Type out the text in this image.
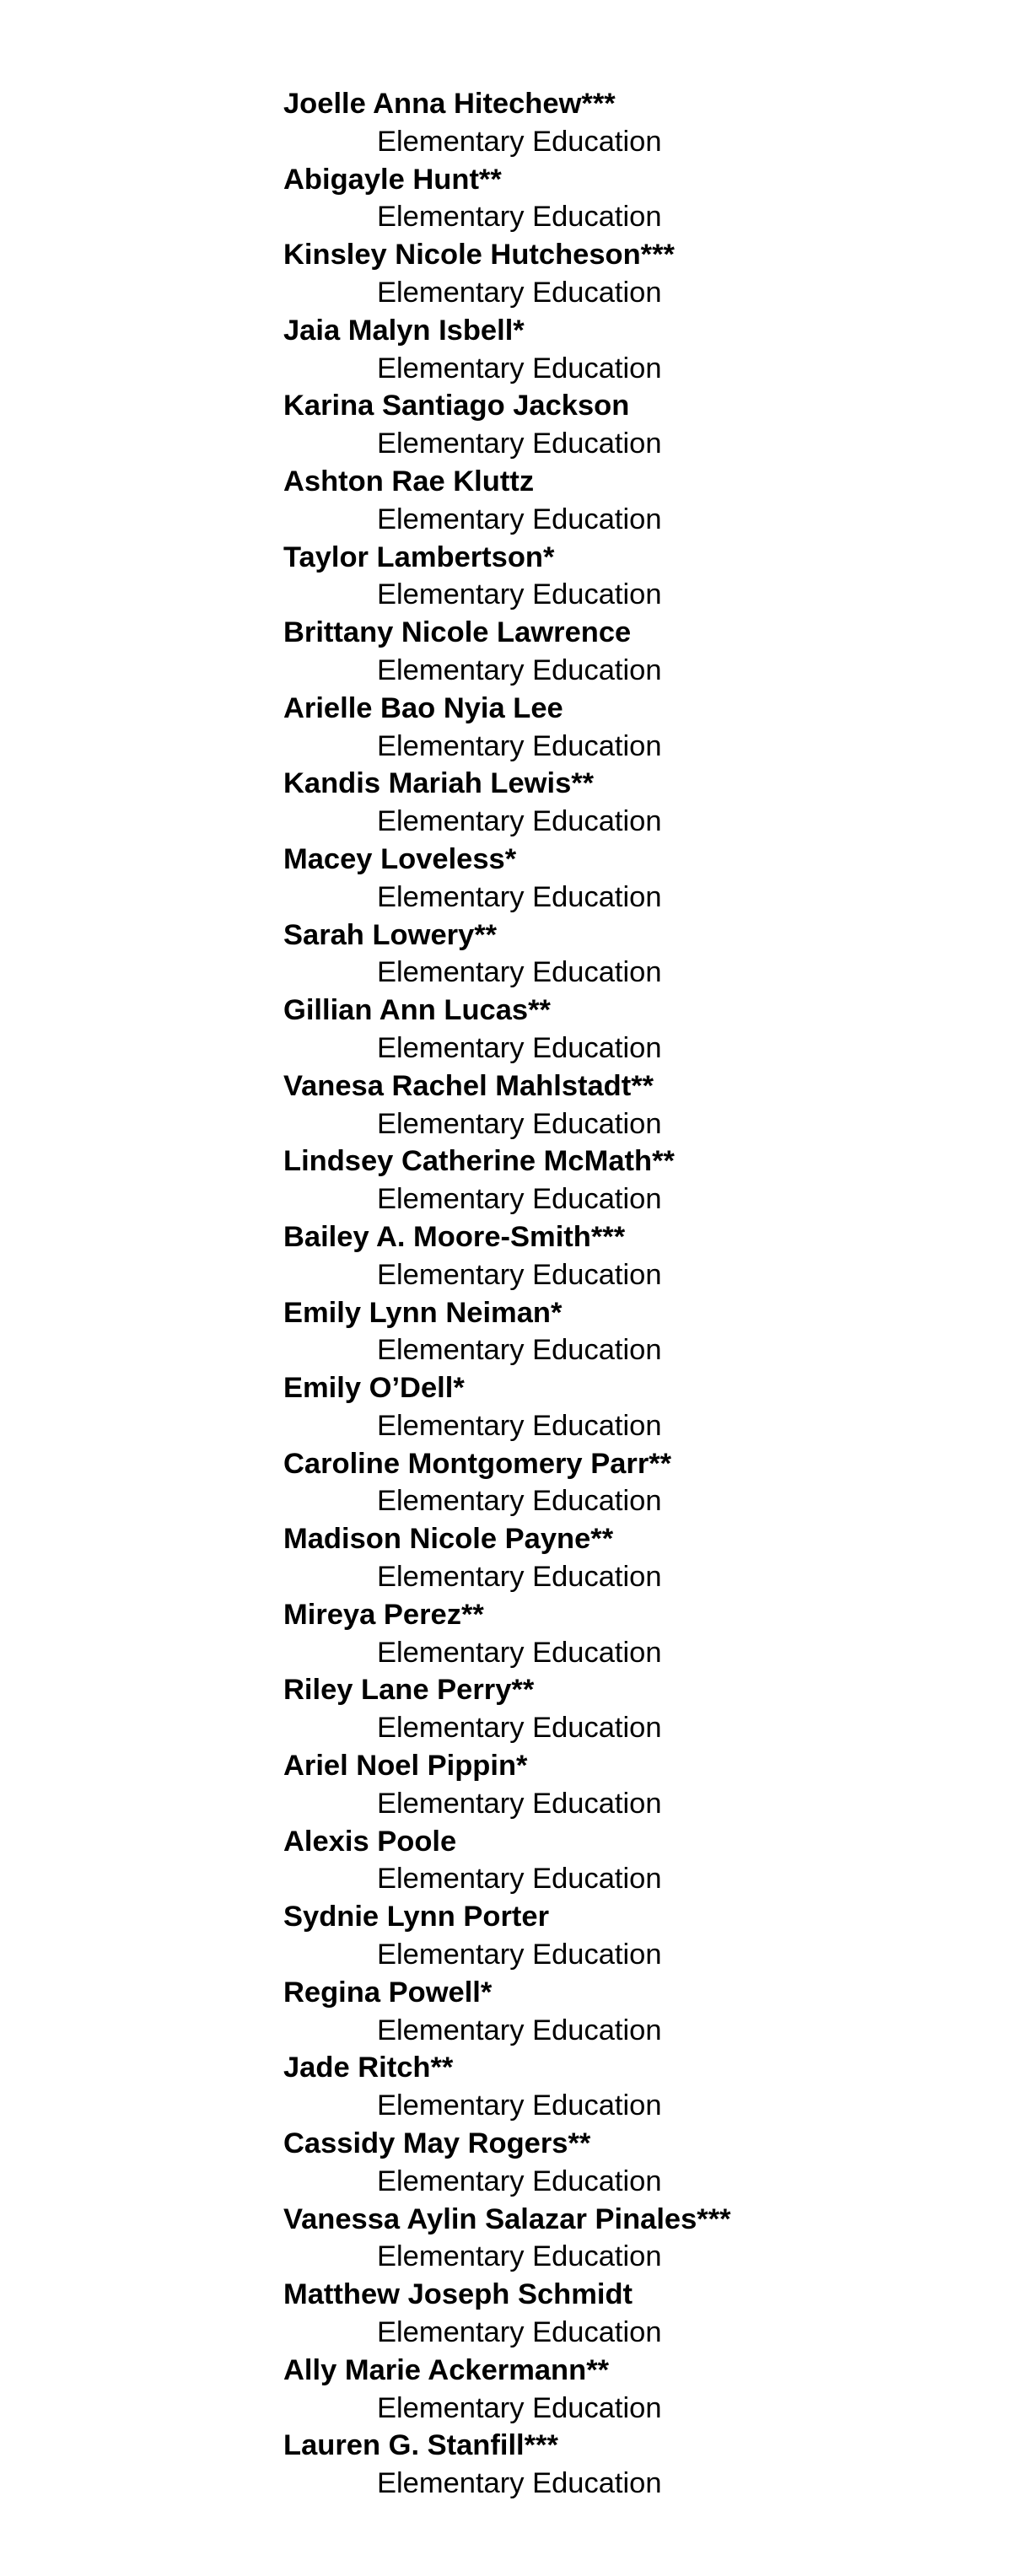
Joelle Anna Hitechew***
Elementary Education
Abigayle Hunt**
Elementary Education
Kinsley Nicole Hutcheson***
Elementary Education
Jaia Malyn Isbell*
Elementary Education
Karina Santiago Jackson
Elementary Education
Ashton Rae Kluttz
Elementary Education
Taylor Lambertson*
Elementary Education
Brittany Nicole Lawrence
Elementary Education
Arielle Bao Nyia Lee
Elementary Education
Kandis Mariah Lewis**
Elementary Education
Macey Loveless*
Elementary Education
Sarah Lowery**
Elementary Education
Gillian Ann Lucas**
Elementary Education
Vanesa Rachel Mahlstadt**
Elementary Education
Lindsey Catherine McMath**
Elementary Education
Bailey A. Moore-Smith***
Elementary Education
Emily Lynn Neiman*
Elementary Education
Emily O’Dell*
Elementary Education
Caroline Montgomery Parr**
Elementary Education
Madison Nicole Payne**
Elementary Education
Mireya Perez**
Elementary Education
Riley Lane Perry**
Elementary Education
Ariel Noel Pippin*
Elementary Education
Alexis Poole
Elementary Education
Sydnie Lynn Porter
Elementary Education
Regina Powell*
Elementary Education
Jade Ritch**
Elementary Education
Cassidy May Rogers**
Elementary Education
Vanessa Aylin Salazar Pinales***
Elementary Education
Matthew Joseph Schmidt
Elementary Education
Ally Marie Ackermann**
Elementary Education
Lauren G. Stanfill***
Elementary Education
